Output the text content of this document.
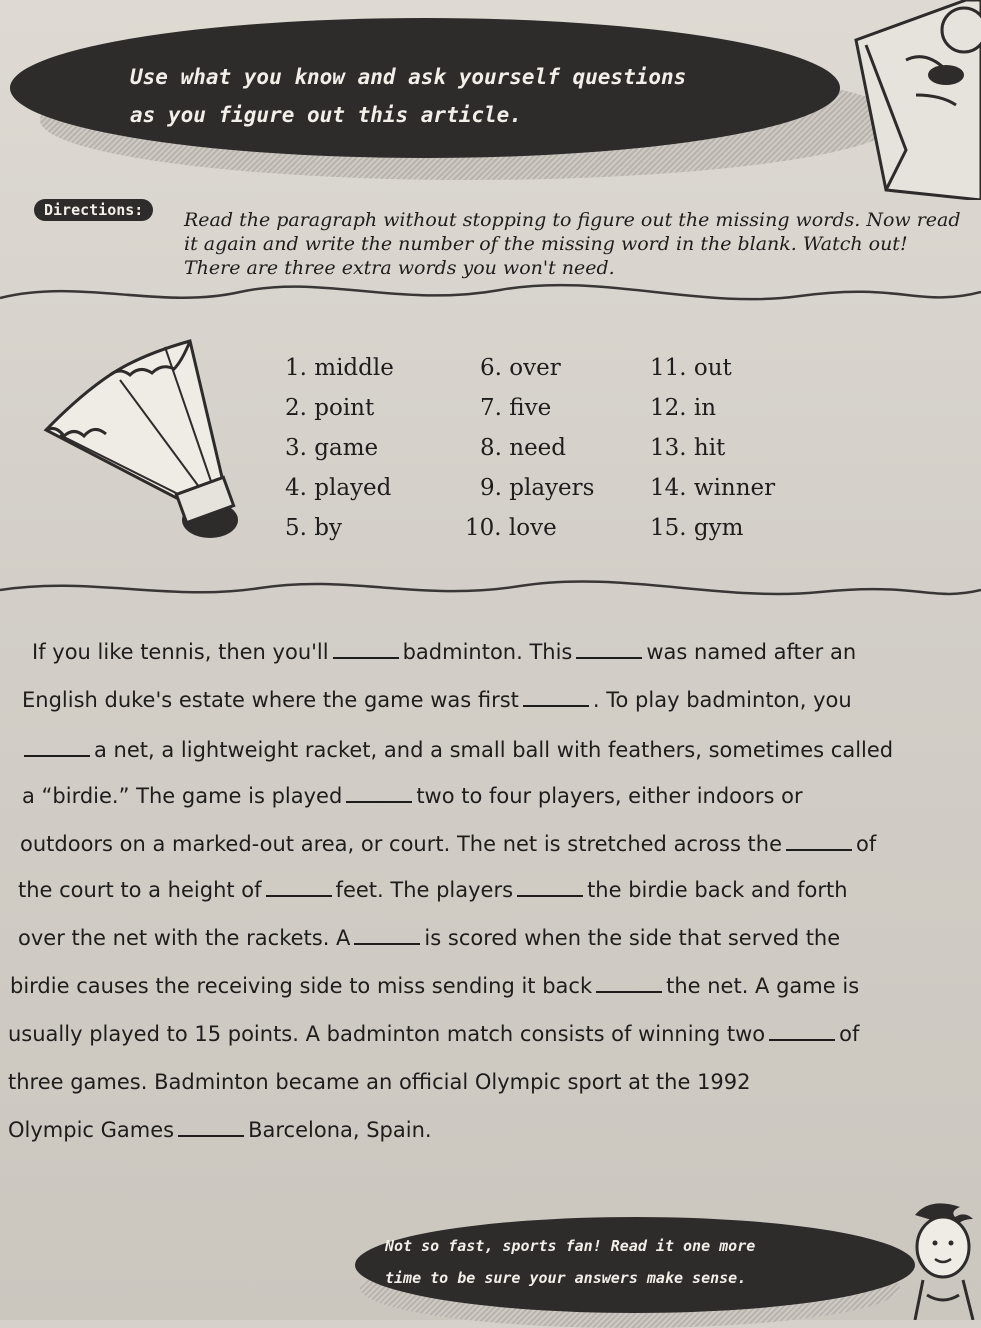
Use what you know and ask yourself questions
as you figure out this article.
Directions:	Read the paragraph without stopping to figure out the missing words. Now read it again and write the number of the missing word in the blank. Watch out! There are three extra words you won't need.
1. middle
2. point
3. game
4. played
5. by
6. over
7. five
8. need
9. players
10. love
11. out
12. in
13. hit
14. winner
15. gym
If you like tennis, then you'll	badminton. This	was named after an
English duke's estate where the game was first	. To play badminton, you
a net, a lightweight racket, and a small ball with feathers, sometimes called
a “birdie.” The game is played	two to four players, either indoors or
outdoors on a marked-out area, or court. The net is stretched across the	of
the court to a height of	feet. The players	the birdie back and forth
over the net with the rackets. A	is scored when the side that served the
birdie causes the receiving side to miss sending it back	the net. A game is
usually played to 15 points. A badminton match consists of winning two	of
three games. Badminton became an official Olympic sport at the 1992
Olympic Games	Barcelona, Spain.
Not so fast, sports fan! Read it one more
time to be sure your answers make sense.
